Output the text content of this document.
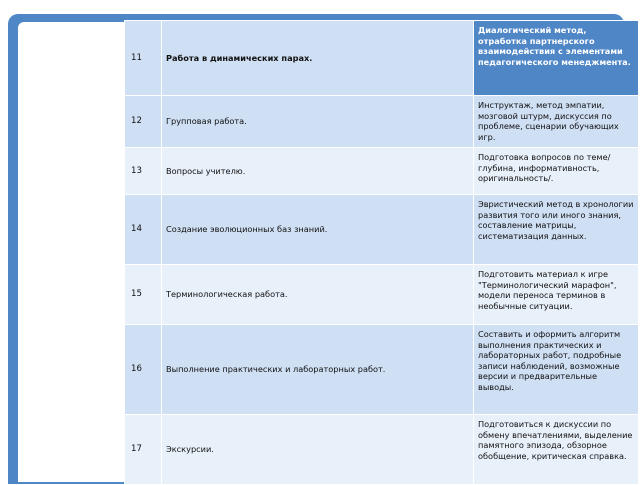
11	Работа в динамических парах.	Диалогический метод, отработка партнерского взаимодействия с элементами педагогического менеджмента.
12	Групповая работа.	Инструктаж, метод эмпатии, мозговой штурм, дискуссия по проблеме, сценарии обучающих игр.
13	Вопросы учителю.	Подготовка вопросов по теме/ глубина, информативность, оригинальность/.
14	Создание эволюционных баз знаний.	Эвристический метод в хронологии развития того или иного знания, составление матрицы, систематизация данных.
15	Терминологическая работа.	Подготовить материал к игре "Терминологический марафон", модели переноса терминов в необычные ситуации.
16	Выполнение практических и лабораторных работ.	Составить и оформить алгоритм выполнения практических и лабораторных работ, подробные записи наблюдений, возможные версии и предварительные выводы.
17	Экскурсии.	Подготовиться к дискуссии по обмену впечатлениями, выделение памятного эпизода, обзорное обобщение, критическая справка.
